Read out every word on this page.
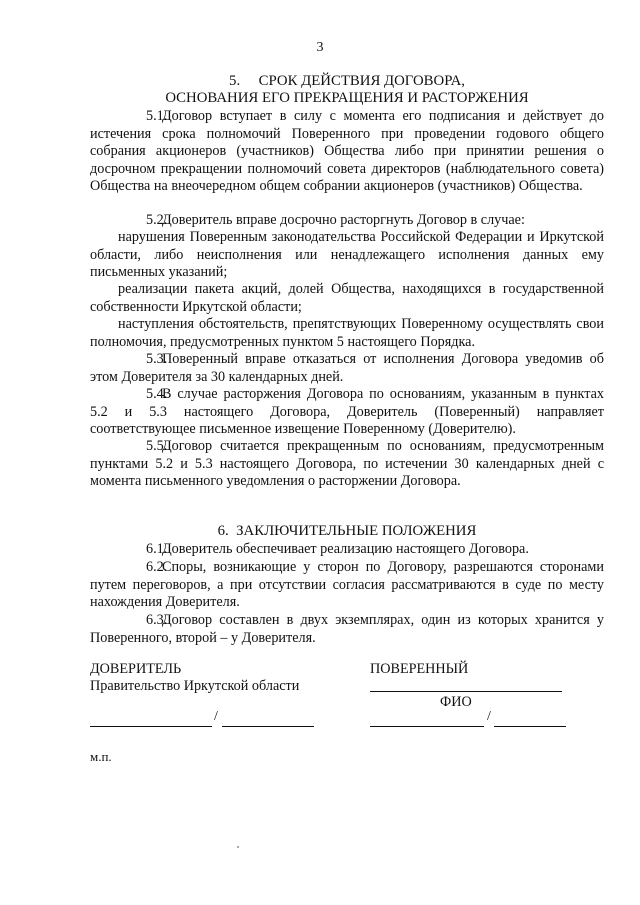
3
5.     СРОК ДЕЙСТВИЯ ДОГОВОРА,
ОСНОВАНИЯ ЕГО ПРЕКРАЩЕНИЯ И РАСТОРЖЕНИЯ
5.1.Договор вступает в силу с момента его подписания и действует до истечения срока полномочий Поверенного при проведении годового общего собрания акционеров (участников) Общества либо при принятии решения о досрочном прекращении полномочий совета директоров (наблюдательного совета) Общества на внеочередном общем собрании акционеров (участников) Общества.
5.2.Доверитель вправе досрочно расторгнуть Договор в случае:
нарушения Поверенным законодательства Российской Федерации и Иркутской области, либо неисполнения или ненадлежащего исполнения данных ему письменных указаний;
реализации пакета акций, долей Общества, находящихся в государственной собственности Иркутской области;
наступления обстоятельств, препятствующих Поверенному осуществлять свои полномочия, предусмотренных пунктом 5 настоящего Порядка.
5.3.Поверенный вправе отказаться от исполнения Договора уведомив об этом Доверителя за 30 календарных дней.
5.4.В случае расторжения Договора по основаниям, указанным в пунктах 5.2 и 5.3 настоящего Договора, Доверитель (Поверенный) направляет соответствующее письменное извещение Поверенному (Доверителю).
5.5.Договор считается прекращенным по основаниям, предусмотренным пунктами 5.2 и 5.3 настоящего Договора, по истечении 30 календарных дней с момента письменного уведомления о расторжении Договора.
6.  ЗАКЛЮЧИТЕЛЬНЫЕ ПОЛОЖЕНИЯ
6.1.Доверитель обеспечивает реализацию настоящего Договора.
6.2.Споры, возникающие у сторон по Договору, разрешаются сторонами путем переговоров, а при отсутствии согласия рассматриваются в суде по месту нахождения Доверителя.
6.3.Договор составлен в двух экземплярах, один из которых хранится у Поверенного, второй – у Доверителя.
ДОВЕРИТЕЛЬ
Правительство Иркутской области
ПОВЕРЕННЫЙ
ФИО
/	/
м.п.
